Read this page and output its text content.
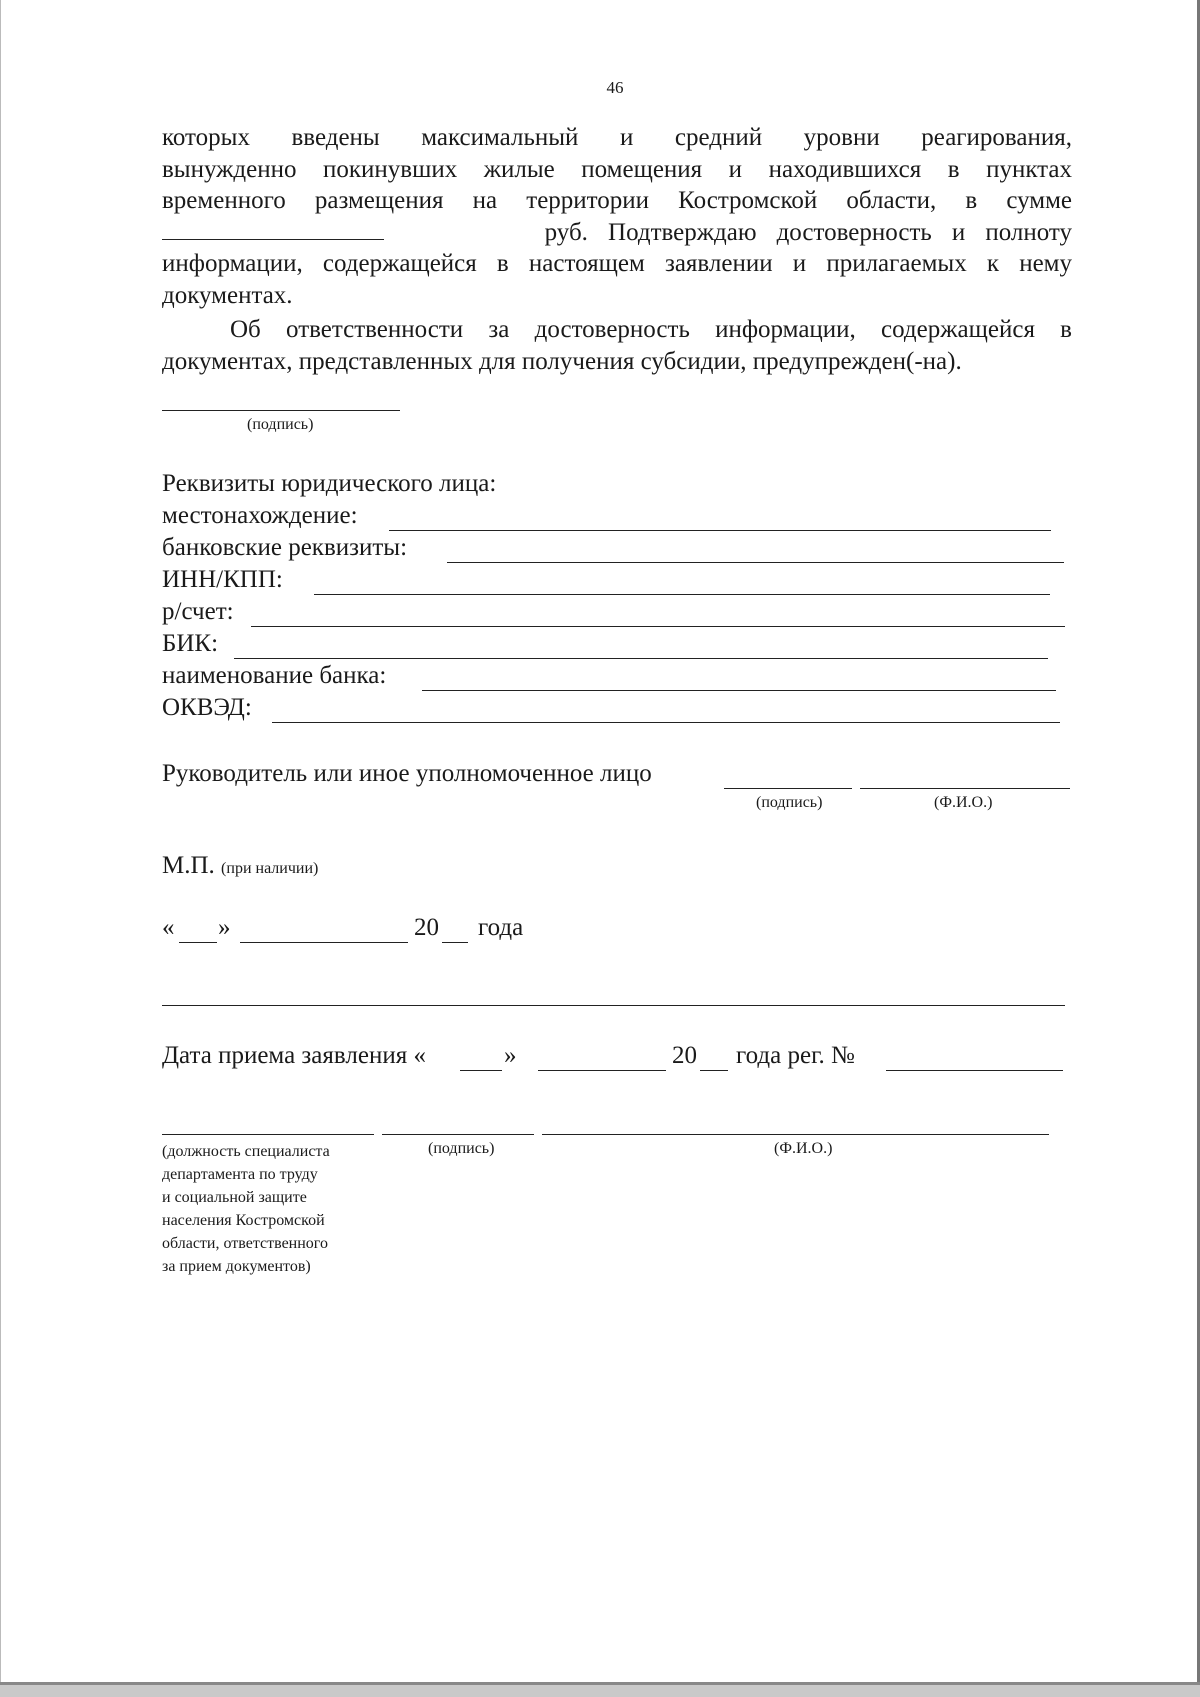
46
которых введены максимальный и средний уровни реагирования,
вынужденно покинувших жилые помещения и находившихся в пунктах
временного размещения на территории Костромской области, в сумме
руб. Подтверждаю достоверность и полноту
информации, содержащейся в настоящем заявлении и прилагаемых к нему
документах.
Об ответственности за достоверность информации, содержащейся в
документах, представленных для получения субсидии, предупрежден(-на).
(подпись)
Реквизиты юридического лица:
местонахождение:
банковские реквизиты:
ИНН/КПП:
р/счет:
БИК:
наименование банка:
ОКВЭД:
Руководитель или иное уполномоченное лицо
(подпись)	(Ф.И.О.)
М.П. (при наличии)
« »	20 года
Дата приема заявления «	»	20 года рег. №
(должность специалиста
департамента по труду
и социальной защите
населения Костромской
области, ответственного
за прием документов)
(подпись)	(Ф.И.О.)
